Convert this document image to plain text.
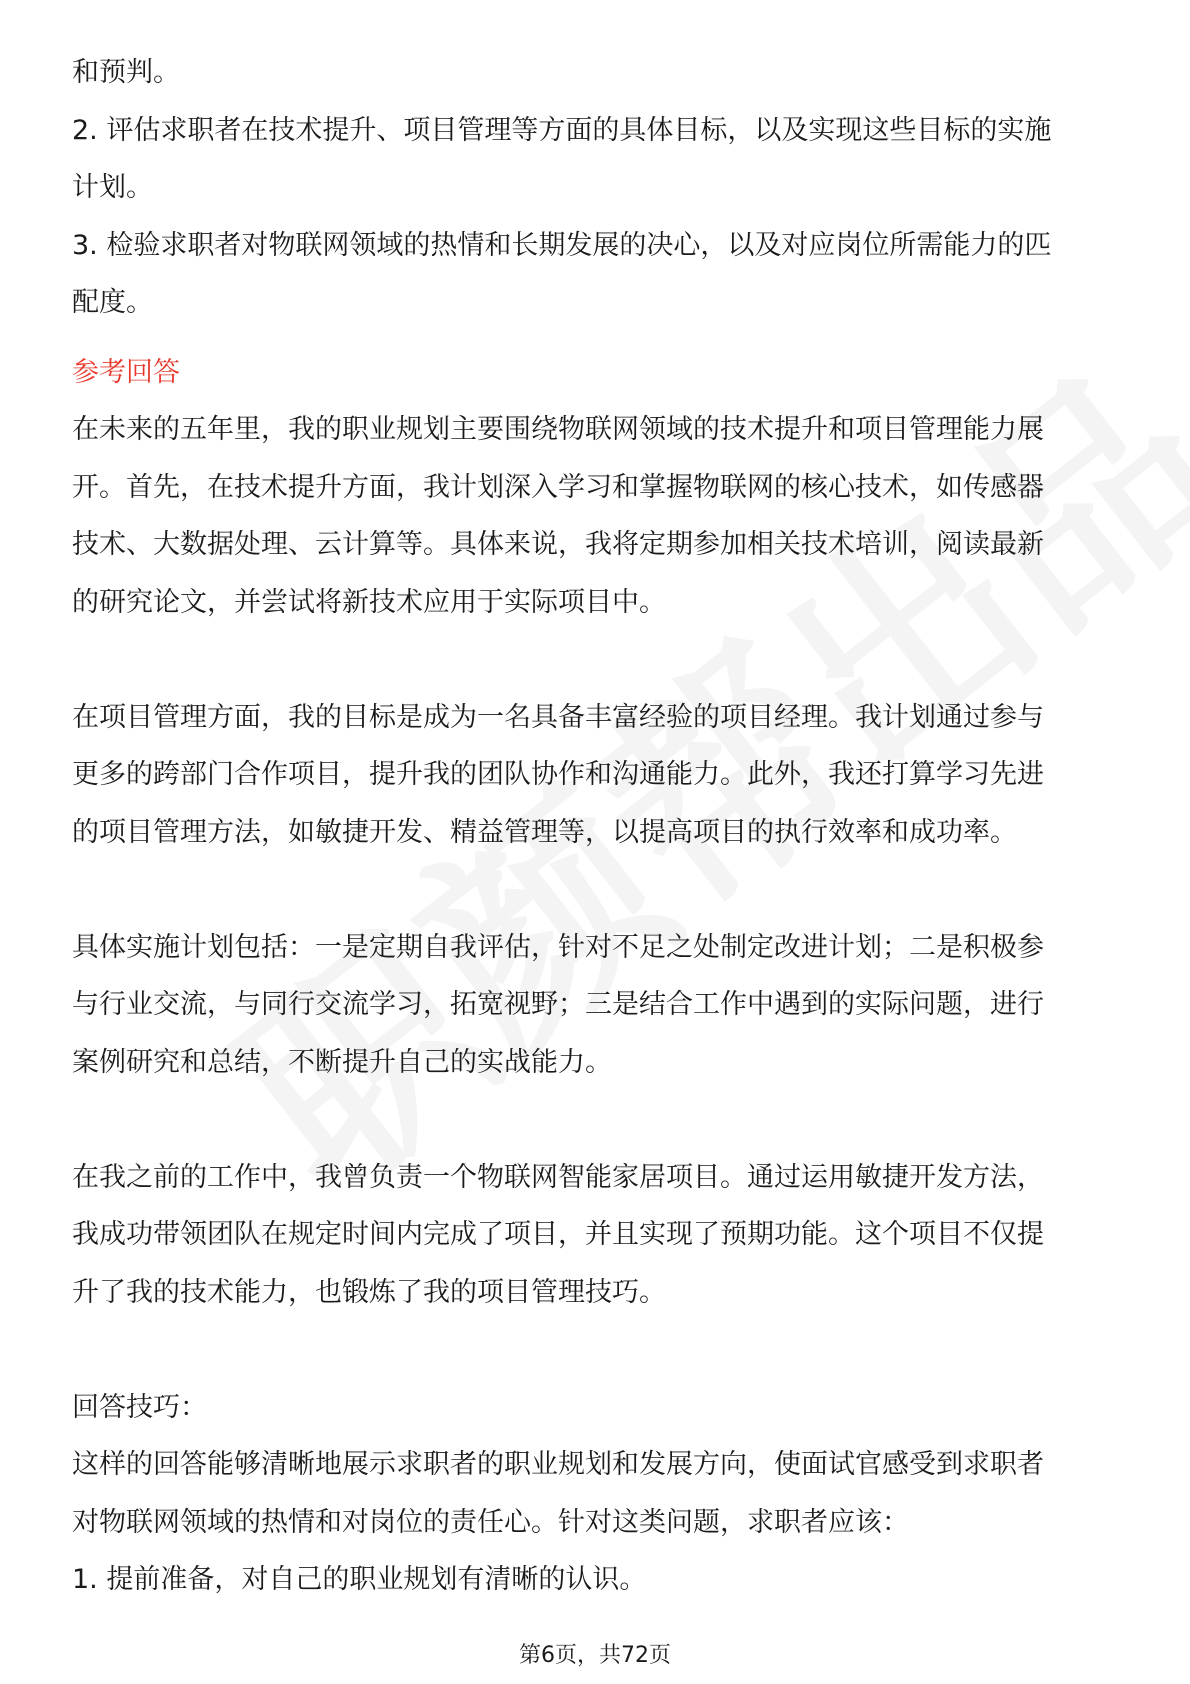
和预判。
2. 评估求职者在技术提升、项目管理等方面的具体目标，以及实现这些目标的实施
计划。
3. 检验求职者对物联网领域的热情和长期发展的决心，以及对应岗位所需能力的匹
配度。
参考回答
在未来的五年里，我的职业规划主要围绕物联网领域的技术提升和项目管理能力展
开。首先，在技术提升方面，我计划深入学习和掌握物联网的核心技术，如传感器
技术、大数据处理、云计算等。具体来说，我将定期参加相关技术培训，阅读最新
的研究论文，并尝试将新技术应用于实际项目中。
在项目管理方面，我的目标是成为一名具备丰富经验的项目经理。我计划通过参与
更多的跨部门合作项目，提升我的团队协作和沟通能力。此外，我还打算学习先进
的项目管理方法，如敏捷开发、精益管理等，以提高项目的执行效率和成功率。
具体实施计划包括：一是定期自我评估，针对不足之处制定改进计划；二是积极参
与行业交流，与同行交流学习，拓宽视野；三是结合工作中遇到的实际问题，进行
案例研究和总结，不断提升自己的实战能力。
在我之前的工作中，我曾负责一个物联网智能家居项目。通过运用敏捷开发方法，
我成功带领团队在规定时间内完成了项目，并且实现了预期功能。这个项目不仅提
升了我的技术能力，也锻炼了我的项目管理技巧。
回答技巧：
这样的回答能够清晰地展示求职者的职业规划和发展方向，使面试官感受到求职者
对物联网领域的热情和对岗位的责任心。针对这类问题，求职者应该：
1. 提前准备，对自己的职业规划有清晰的认识。
第6页，共72页
